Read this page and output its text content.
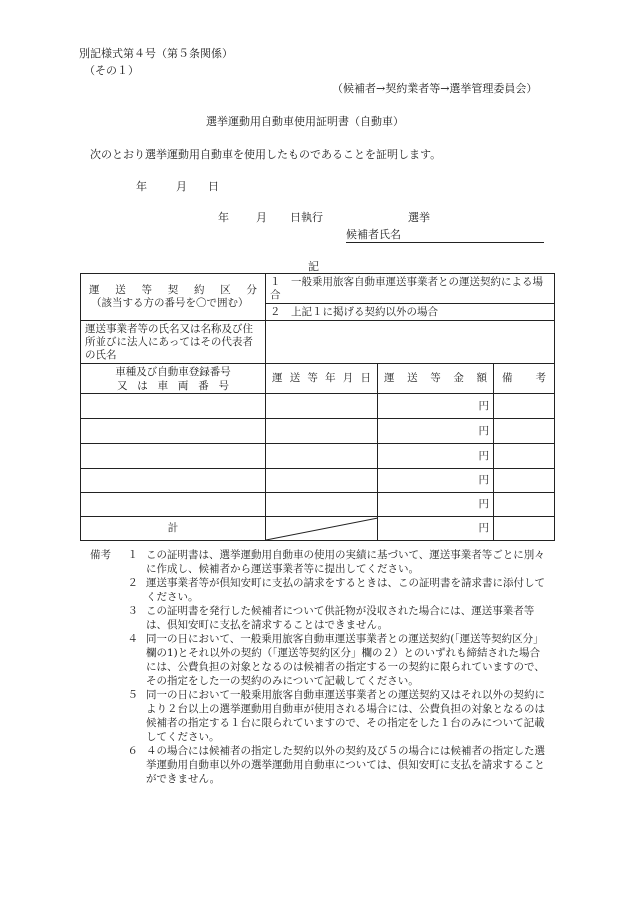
別記様式第４号（第５条関係）
（その１）
（候補者→契約業者等→選挙管理委員会）
選挙運動用自動車使用証明書（自動車）
次のとおり選挙運動用自動車を使用したものであることを証明します。
年	月 日
年 月 日執行	選挙
候補者氏名
記
運送等契約区分
（該当する方の番号を〇で囲む）	１　一般乗用旅客自動車運送事業者との運送契約による場合		
	２　上記１に掲げる契約以外の場合		
運送事業者等の氏名又は名称及び住所並びに法人にあってはその代表者の氏名			

車種及び自動車登録番号
又は車両番号	運送等年月日	運送等金額	備考

		円	
		円	
		円	
		円	
		円	
計		円	
備考	１ この証明書は、選挙運動用自動車の使用の実績に基づいて、運送事業者等ごとに別々に作成し、候補者から運送事業者等に提出してください。
２ 運送事業者等が倶知安町に支払の請求をするときは、この証明書を請求書に添付してください。
３ この証明書を発行した候補者について供託物が没収された場合には、運送事業者等は、倶知安町に支払を請求することはできません。
４ 同一の日において、一般乗用旅客自動車運送事業者との運送契約(「運送等契約区分」欄の1)とそれ以外の契約（「運送等契約区分」欄の２）とのいずれも締結された場合には、公費負担の対象となるのは候補者の指定する一の契約に限られていますので、その指定をした一の契約のみについて記載してください。
５ 同一の日において一般乗用旅客自動車運送事業者との運送契約又はそれ以外の契約により２台以上の選挙運動用自動車が使用される場合には、公費負担の対象となるのは候補者の指定する１台に限られていますので、その指定をした１台のみについて記載してください。
６ ４の場合には候補者の指定した契約以外の契約及び５の場合には候補者の指定した選挙運動用自動車以外の選挙運動用自動車については、倶知安町に支払を請求することができません。
